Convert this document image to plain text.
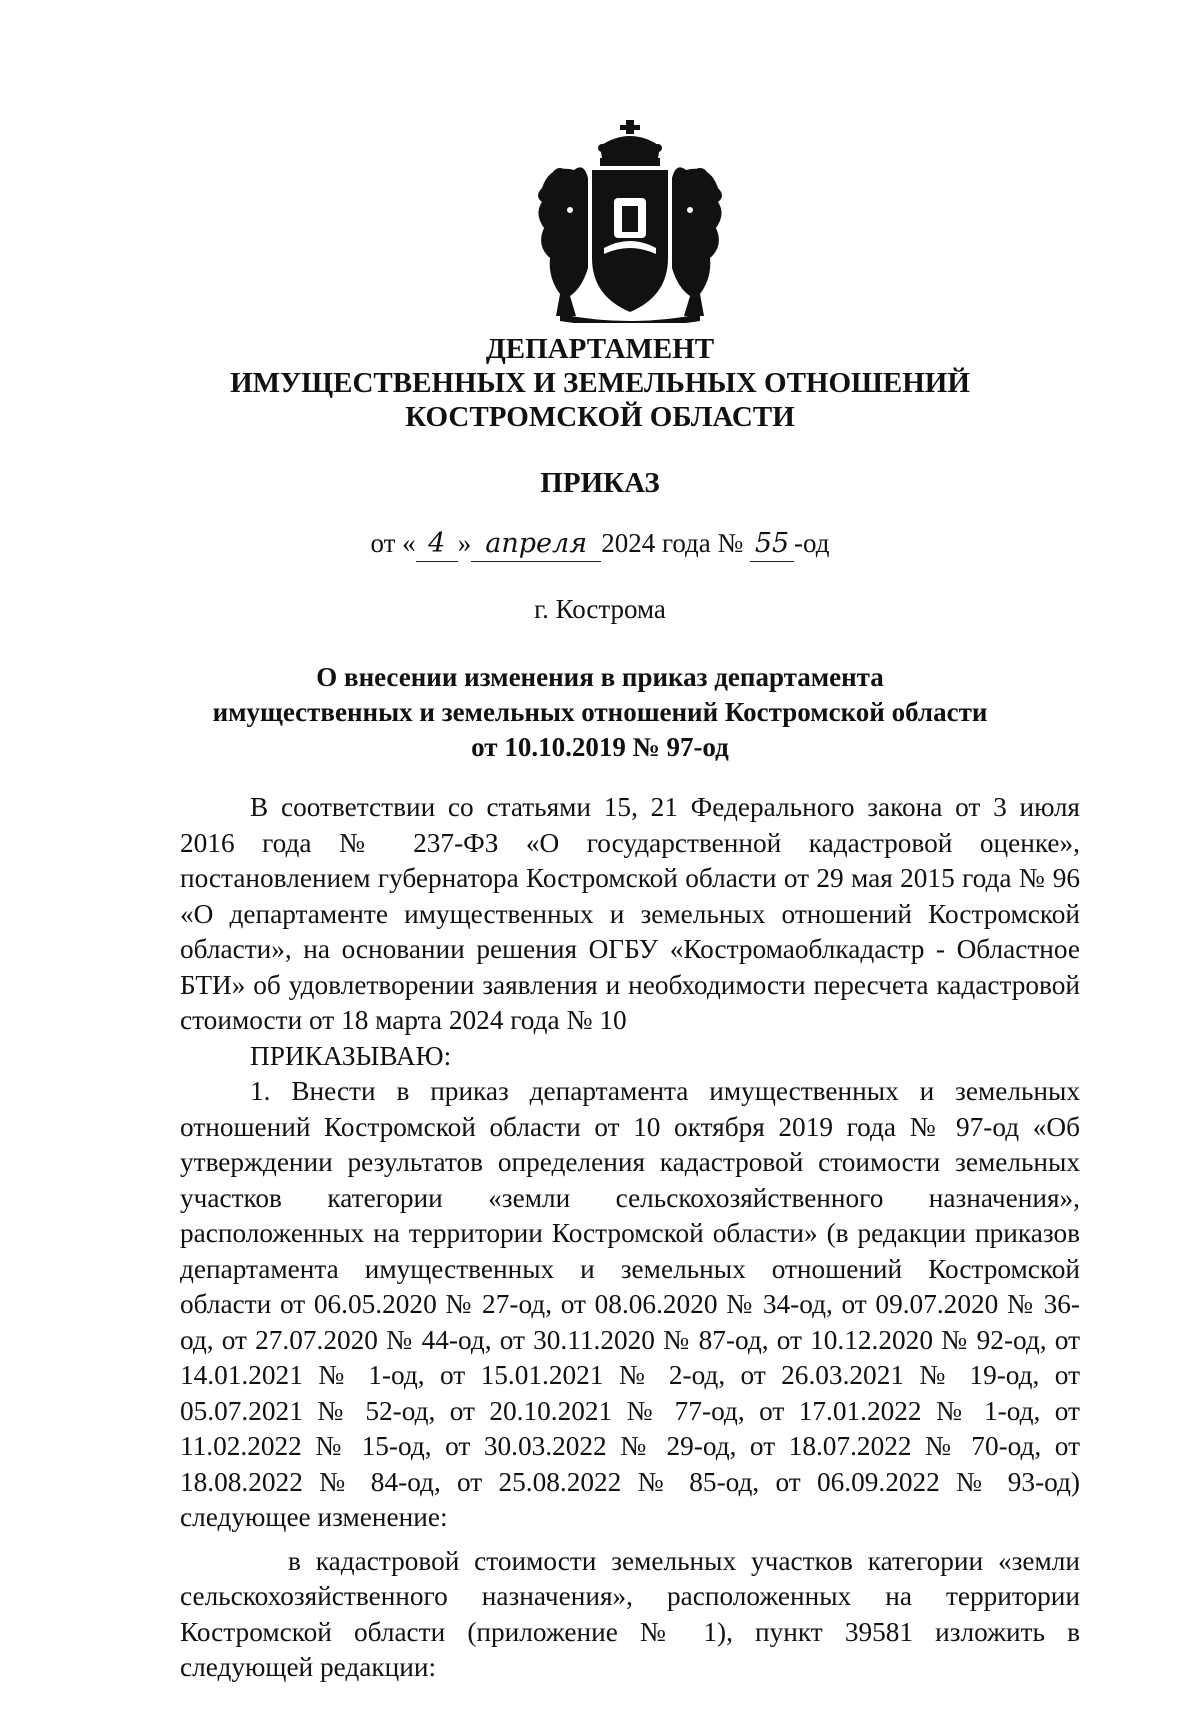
ДЕПАРТАМЕНТ
ИМУЩЕСТВЕННЫХ И ЗЕМЕЛЬНЫХ ОТНОШЕНИЙ
КОСТРОМСКОЙ ОБЛАСТИ
ПРИКАЗ
от « 4 » апреля 2024 года № 55 -од
г. Кострома
О внесении изменения в приказ департамента
имущественных и земельных отношений Костромской области
от 10.10.2019 № 97-од

В соответствии со статьями 15, 21 Федерального закона от 3 июля 2016 года № 237-ФЗ «О государственной кадастровой оценке», постановлением губернатора Костромской области от 29 мая 2015 года № 96 «О департаменте имущественных и земельных отношений Костромской области», на основании решения ОГБУ «Костромаоблкадастр - Областное БТИ» об удовлетворении заявления и необходимости пересчета кадастровой стоимости от 18 марта 2024 года № 10

ПРИКАЗЫВАЮ:

1. Внести в приказ департамента имущественных и земельных отношений Костромской области от 10 октября 2019 года № 97-од «Об утверждении результатов определения кадастровой стоимости земельных участков категории «земли сельскохозяйственного назначения», расположенных на территории Костромской области» (в редакции приказов департамента имущественных и земельных отношений Костромской области от 06.05.2020 № 27-од, от 08.06.2020 № 34-од, от 09.07.2020 № 36-од, от 27.07.2020 № 44-од, от 30.11.2020 № 87-од, от 10.12.2020 № 92-од, от 14.01.2021 № 1-од, от 15.01.2021 № 2-од, от 26.03.2021 № 19-од, от 05.07.2021 № 52-од, от 20.10.2021 № 77-од, от 17.01.2022 № 1-од, от 11.02.2022 № 15-од, от 30.03.2022 № 29-од, от 18.07.2022 № 70-од, от 18.08.2022 № 84-од, от 25.08.2022 № 85-од, от 06.09.2022 № 93-од) следующее изменение:

в кадастровой стоимости земельных участков категории «земли сельскохозяйственного назначения», расположенных на территории Костромской области (приложение № 1), пункт 39581 изложить в следующей редакции:
